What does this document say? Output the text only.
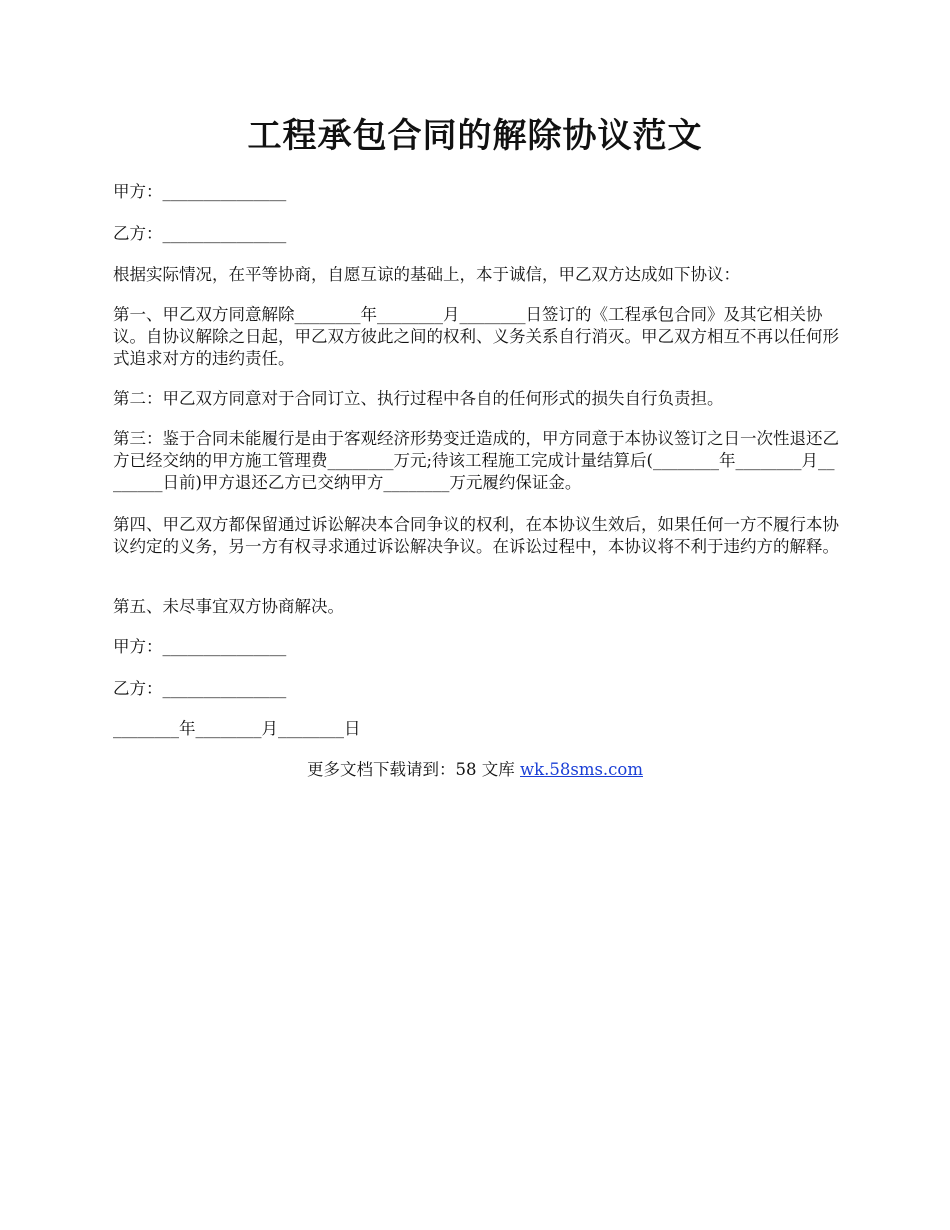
工程承包合同的解除协议范文

甲方：_______________

乙方：_______________

根据实际情况，在平等协商，自愿互谅的基础上，本于诚信，甲乙双方达成如下协议：

第一、甲乙双方同意解除________年________月________日签订的《工程承包合同》及其它相关协议。自协议解除之日起，甲乙双方彼此之间的权利、义务关系自行消灭。甲乙双方相互不再以任何形式追求对方的违约责任。

第二：甲乙双方同意对于合同订立、执行过程中各自的任何形式的损失自行负责担。

第三：鉴于合同未能履行是由于客观经济形势变迁造成的，甲方同意于本协议签订之日一次性退还乙方已经交纳的甲方施工管理费________万元;待该工程施工完成计量结算后(________年________月________日前)甲方退还乙方已交纳甲方________万元履约保证金。

第四、甲乙双方都保留通过诉讼解决本合同争议的权利，在本协议生效后，如果任何一方不履行本协议约定的义务，另一方有权寻求通过诉讼解决争议。在诉讼过程中，本协议将不利于违约方的解释。

第五、未尽事宜双方协商解决。

甲方：_______________

乙方：_______________

________年________月________日

更多文档下载请到：58 文库 wk.58sms.com
